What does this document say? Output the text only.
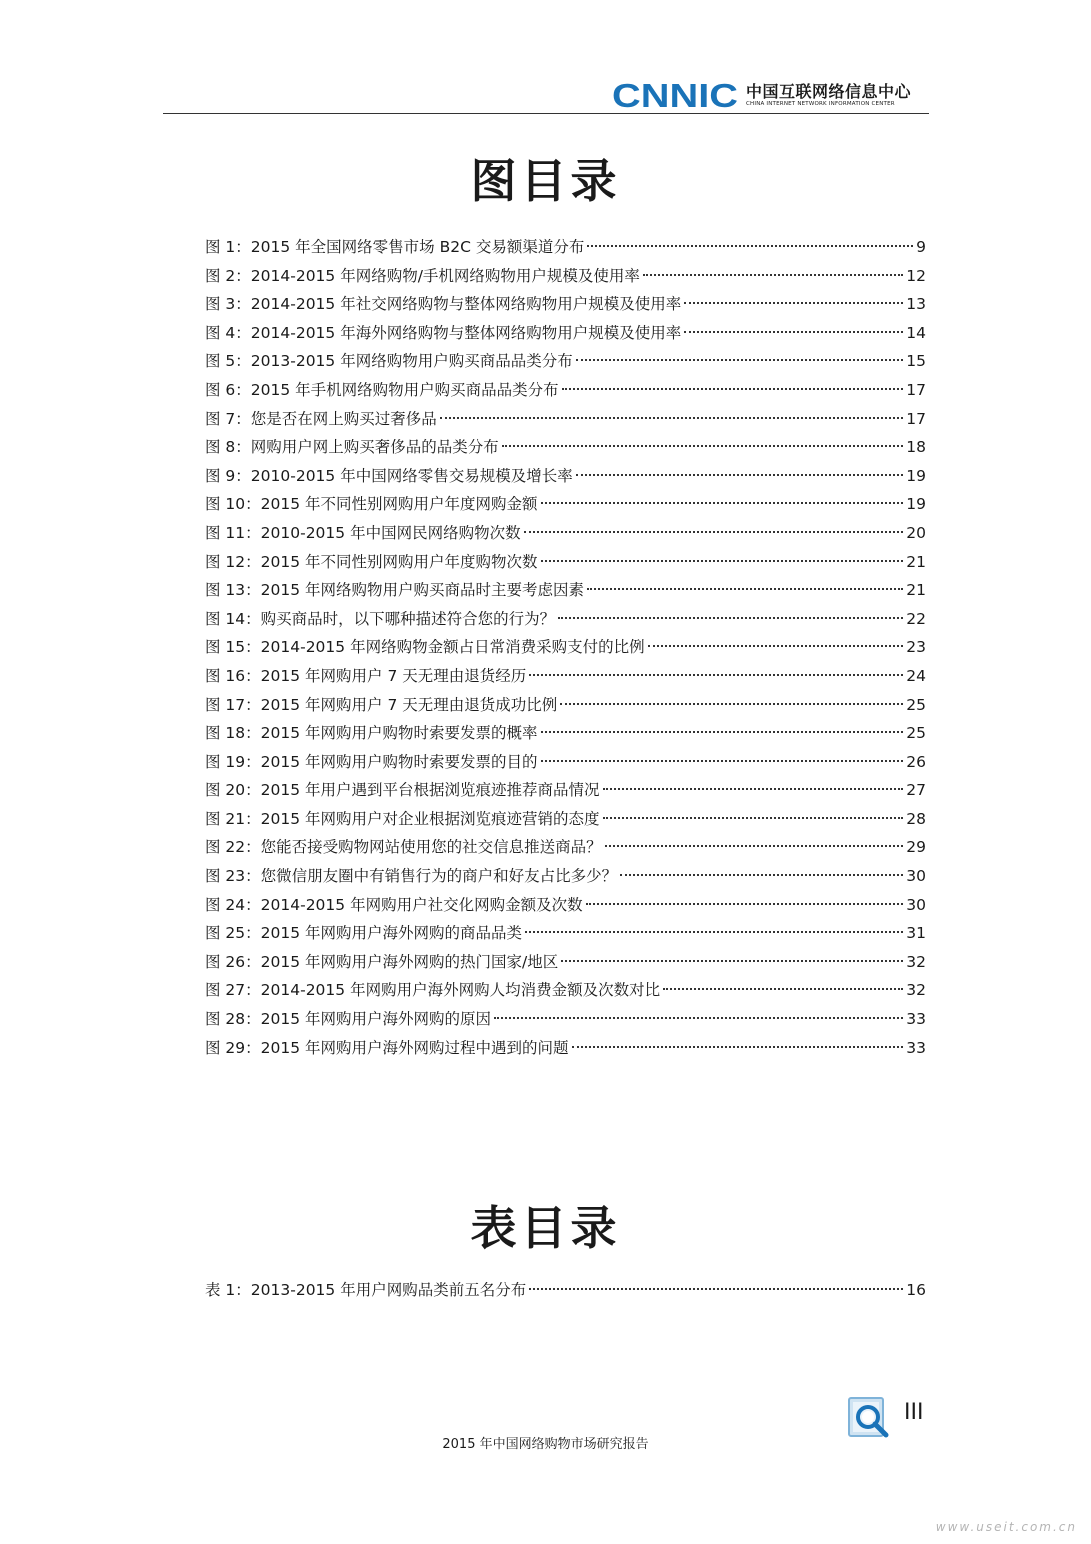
CNNIC 中国互联网络信息中心
CHINA INTERNET NETWORK INFORMATION CENTER
图目录
图 1：2015 年全国网络零售市场 B2C 交易额渠道分布	9
图 2：2014-2015 年网络购物/手机网络购物用户规模及使用率	12
图 3：2014-2015 年社交网络购物与整体网络购物用户规模及使用率	13
图 4：2014-2015 年海外网络购物与整体网络购物用户规模及使用率	14
图 5：2013-2015 年网络购物用户购买商品品类分布	15
图 6：2015 年手机网络购物用户购买商品品类分布	17
图 7：您是否在网上购买过奢侈品	17
图 8：网购用户网上购买奢侈品的品类分布	18
图 9：2010-2015 年中国网络零售交易规模及增长率	19
图 10：2015 年不同性别网购用户年度网购金额	19
图 11：2010-2015 年中国网民网络购物次数	20
图 12：2015 年不同性别网购用户年度购物次数	21
图 13：2015 年网络购物用户购买商品时主要考虑因素	21
图 14：购买商品时，以下哪种描述符合您的行为？	22
图 15：2014-2015 年网络购物金额占日常消费采购支付的比例	23
图 16：2015 年网购用户 7 天无理由退货经历	24
图 17：2015 年网购用户 7 天无理由退货成功比例	25
图 18：2015 年网购用户购物时索要发票的概率	25
图 19：2015 年网购用户购物时索要发票的目的	26
图 20：2015 年用户遇到平台根据浏览痕迹推荐商品情况	27
图 21：2015 年网购用户对企业根据浏览痕迹营销的态度	28
图 22：您能否接受购物网站使用您的社交信息推送商品？	29
图 23：您微信朋友圈中有销售行为的商户和好友占比多少？	30
图 24：2014-2015 年网购用户社交化网购金额及次数	30
图 25：2015 年网购用户海外网购的商品品类	31
图 26：2015 年网购用户海外网购的热门国家/地区	32
图 27：2014-2015 年网购用户海外网购人均消费金额及次数对比	32
图 28：2015 年网购用户海外网购的原因	33
图 29：2015 年网购用户海外网购过程中遇到的问题	33
表目录
表 1：2013-2015 年用户网购品类前五名分布	16
III
2015 年中国网络购物市场研究报告
www.useit.com.cn
